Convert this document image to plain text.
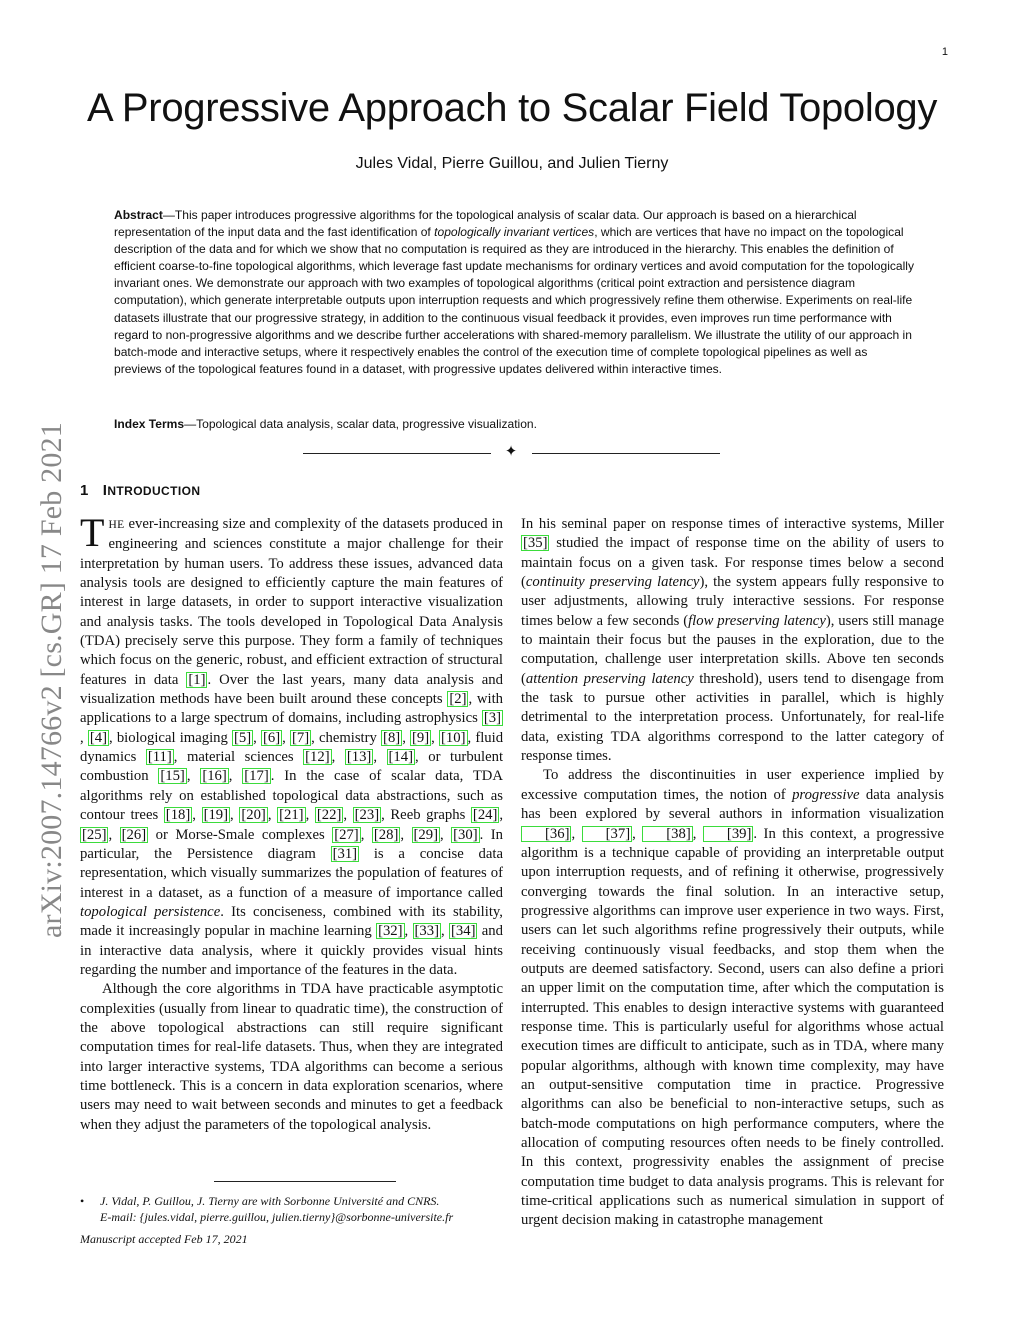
1
arXiv:2007.14766v2 [cs.GR] 17 Feb 2021
A Progressive Approach to Scalar Field Topology
Jules Vidal, Pierre Guillou, and Julien Tierny
Abstract—This paper introduces progressive algorithms for the topological analysis of scalar data. Our approach is based on a hierarchical representation of the input data and the fast identification of topologically invariant vertices, which are vertices that have no impact on the topological description of the data and for which we show that no computation is required as they are introduced in the hierarchy. This enables the definition of efficient coarse-to-fine topological algorithms, which leverage fast update mechanisms for ordinary vertices and avoid computation for the topologically invariant ones. We demonstrate our approach with two examples of topological algorithms (critical point extraction and persistence diagram computation), which generate interpretable outputs upon interruption requests and which progressively refine them otherwise. Experiments on real-life datasets illustrate that our progressive strategy, in addition to the continuous visual feedback it provides, even improves run time performance with regard to non-progressive algorithms and we describe further accelerations with shared-memory parallelism. We illustrate the utility of our approach in batch-mode and interactive setups, where it respectively enables the control of the execution time of complete topological pipelines as well as previews of the topological features found in a dataset, with progressive updates delivered within interactive times.
Index Terms—Topological data analysis, scalar data, progressive visualization.
✦
1 INTRODUCTION

THE ever-increasing size and complexity of the datasets produced in engineering and sciences constitute a major challenge for their interpretation by human users. To address these issues, advanced data analysis tools are designed to efficiently capture the main features of interest in large datasets, in order to support interactive visualization and analysis tasks. The tools developed in Topological Data Analysis (TDA) precisely serve this purpose. They form a family of techniques which focus on the generic, robust, and efficient extraction of structural features in data [1] . Over the last years, many data analysis and visualization methods have been built around these concepts [2] , with applications to a large spectrum of domains, including astrophysics [3], [4] , biological imaging [5] , [6] , [7] , chemistry [8] , [9] , [10] , fluid dynamics [11] , material sciences [12] , [13] , [14] , or turbulent combustion [15] , [16] , [17] . In the case of scalar data, TDA algorithms rely on established topological data abstractions, such as contour trees [18] , [19] , [20] , [21] , [22] , [23] , Reeb graphs [24] , [25] , [26] or Morse-Smale complexes [27] , [28] , [29] , [30] . In particular, the Persistence diagram [31] is a concise data representation, which visually summarizes the population of features of interest in a dataset, as a function of a measure of importance called topological persistence. Its conciseness, combined with its stability, made it increasingly popular in machine learning [32] , [33] , [34] and in interactive data analysis, where it quickly provides visual hints regarding the number and importance of the features in the data.

Although the core algorithms in TDA have practicable asymptotic complexities (usually from linear to quadratic time), the construction of the above topological abstractions can still require significant computation times for real-life datasets. Thus, when they are integrated into larger interactive systems, TDA algorithms can become a serious time bottleneck. This is a concern in data exploration scenarios, where users may need to wait between seconds and minutes to get a feedback when they adjust the parameters of the topological analysis.

In his seminal paper on response times of interactive systems, Miller [35] studied the impact of response time on the ability of users to maintain focus on a given task. For response times below a second (continuity preserving latency), the system appears fully responsive to user adjustments, allowing truly interactive sessions. For response times below a few seconds (flow preserving latency), users still manage to maintain their focus but the pauses in the exploration, due to the computation, challenge user interpretation skills. Above ten seconds (attention preserving latency threshold), users tend to disengage from the task to pursue other activities in parallel, which is highly detrimental to the interpretation process. Unfortunately, for real-life data, existing TDA algorithms correspond to the latter category of response times.

To address the discontinuities in user experience implied by excessive computation times, the notion of progressive data analysis has been explored by several authors in information visualization [36] , [37] , [38] , [39] . In this context, a progressive algorithm is a technique capable of providing an interpretable output upon interruption requests, and of refining it otherwise, progressively converging towards the final solution. In an interactive setup, progressive algorithms can improve user experience in two ways. First, users can let such algorithms refine progressively their outputs, while receiving continuously visual feedbacks, and stop them when the outputs are deemed satisfactory. Second, users can also define a priori an upper limit on the computation time, after which the computation is interrupted. This enables to design interactive systems with guaranteed response time. This is particularly useful for algorithms whose actual execution times are difficult to anticipate, such as in TDA, where many popular algorithms, although with known time complexity, may have an output-sensitive computation time in practice. Progressive algorithms can also be beneficial to non-interactive setups, such as batch-mode computations on high performance computers, where the allocation of computing resources often needs to be finely controlled. In this context, progressivity enables the assignment of precise computation time budget to data analysis programs. This is relevant for time-critical applications such as numerical simulation in support of urgent decision making in catastrophe management

• J. Vidal, P. Guillou, J. Tierny are with Sorbonne Université and CNRS.
E-mail: {jules.vidal, pierre.guillou, julien.tierny}@sorbonne-universite.fr
Manuscript accepted Feb 17, 2021
